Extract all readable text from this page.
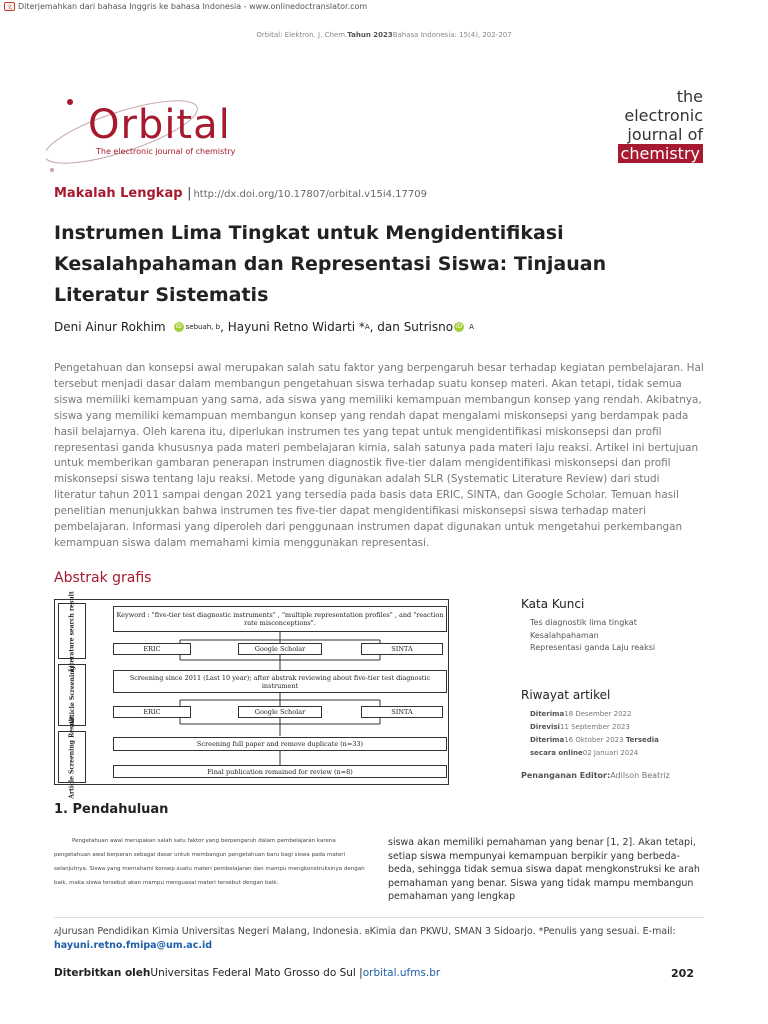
文 Diterjemahkan dari bahasa Inggris ke bahasa Indonesia - www.onlinedoctranslator.com
Orbital: Elektron. J. Chem.Tahun 2023Bahasa Indonesia: 15(4), 202-207
Orbital
The electronic journal of chemistry
the
electronic
journal of
chemistry
Makalah Lengkap | http://dx.doi.org/10.17807/orbital.v15i4.17709
Instrumen Lima Tingkat untuk Mengidentifikasi Kesalahpahaman dan Representasi Siswa: Tinjauan Literatur Sistematis
Deni Ainur Rokhim	iD sebuah, b , Hayuni Retno Widarti * A , dan Sutrisno iD A

Pengetahuan dan konsepsi awal merupakan salah satu faktor yang berpengaruh besar terhadap kegiatan pembelajaran. Hal tersebut menjadi dasar dalam membangun pengetahuan siswa terhadap suatu konsep materi. Akan tetapi, tidak semua siswa memiliki kemampuan yang sama, ada siswa yang memiliki kemampuan membangun konsep yang rendah. Akibatnya, siswa yang memiliki kemampuan membangun konsep yang rendah dapat mengalami miskonsepsi yang berdampak pada hasil belajarnya. Oleh karena itu, diperlukan instrumen tes yang tepat untuk mengidentifikasi miskonsepsi dan profil representasi ganda khususnya pada materi pembelajaran kimia, salah satunya pada materi laju reaksi. Artikel ini bertujuan untuk memberikan gambaran penerapan instrumen diagnostik five-tier dalam mengidentifikasi miskonsepsi dan profil miskonsepsi siswa tentang laju reaksi. Metode yang digunakan adalah SLR (Systematic Literature Review) dari studi literatur tahun 2011 sampai dengan 2021 yang tersedia pada basis data ERIC, SINTA, dan Google Scholar. Temuan hasil penelitian menunjukkan bahwa instrumen tes five-tier dapat mengidentifikasi miskonsepsi siswa terhadap materi pembelajaran. Informasi yang diperoleh dari penggunaan instrumen dapat digunakan untuk mengetahui perkembangan kemampuan siswa dalam memahami kimia menggunakan representasi.

Abstrak grafis
Literature search result
Article Screening
Article Screening Result
Keyword : "five-tier test diagnostic instruments" , "multiple representation profiles" , and "reaction rate misconceptions".
ERIC	Google Scholar	SINTA
Screening since 2011 (Last 10 year); after abstrak reviewing about five-tier test diagnostic instrument
ERIC	Google Scholar	SINTA
Screening full paper and remove duplicate (n=33)
Final publication remained for review (n=8)
Kata Kunci
Tes diagnostik lima tingkat
Kesalahpahaman
Representasi ganda Laju reaksi
Riwayat artikel
Diterima18 Desember 2022 Direvisi11 September 2023 Diterima16 Oktober 2023 Tersedia secara online02 Januari 2024
Penanganan Editor:Adilson Beatriz
1. Pendahuluan

Pengetahuan awal merupakan salah satu faktor yang berpengaruh dalam pembelajaran karena pengetahuan awal berperan sebagai dasar untuk membangun pengetahuan baru bagi siswa pada materi selanjutnya. Siswa yang memahami konsep suatu materi pembelajaran dan mampu mengkonstruksinya dengan baik, maka siswa tersebut akan mampu menguasai materi tersebut dengan baik.

siswa akan memiliki pemahaman yang benar [1, 2]. Akan tetapi, setiap siswa mempunyai kemampuan berpikir yang berbeda-beda, sehingga tidak semua siswa dapat mengkonstruksi ke arah pemahaman yang benar. Siswa yang tidak mampu membangun pemahaman yang lengkap

AJurusan Pendidikan Kimia Universitas Negeri Malang, Indonesia. BKimia dan PKWU, SMAN 3 Sidoarjo. *Penulis yang sesuai. E-mail:
hayuni.retno.fmipa@um.ac.id
Diterbitkan olehUniversitas Federal Mato Grosso do Sul |orbital.ufms.br	202
